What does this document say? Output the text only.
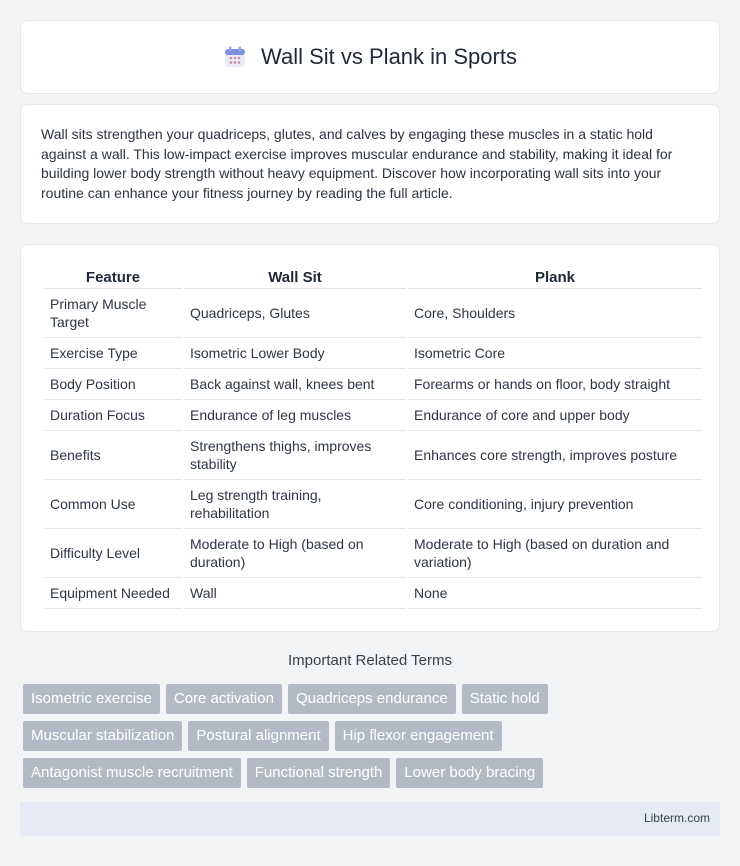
Wall Sit vs Plank in Sports

Wall sits strengthen your quadriceps, glutes, and calves by engaging these muscles in a static hold against a wall. This low-impact exercise improves muscular endurance and stability, making it ideal for building lower body strength without heavy equipment. Discover how incorporating wall sits into your routine can enhance your fitness journey by reading the full article.

Feature	Wall Sit	Plank
Primary Muscle Target	Quadriceps, Glutes	Core, Shoulders
Exercise Type	Isometric Lower Body	Isometric Core
Body Position	Back against wall, knees bent	Forearms or hands on floor, body straight
Duration Focus	Endurance of leg muscles	Endurance of core and upper body
Benefits	Strengthens thighs, improves stability	Enhances core strength, improves posture
Common Use	Leg strength training, rehabilitation	Core conditioning, injury prevention
Difficulty Level	Moderate to High (based on duration)	Moderate to High (based on duration and variation)
Equipment Needed	Wall	None
Important Related Terms
Isometric exercise	Core activation	Quadriceps endurance	Static hold
Muscular stabilization	Postural alignment	Hip flexor engagement
Antagonist muscle recruitment	Functional strength	Lower body bracing
Libterm.com
